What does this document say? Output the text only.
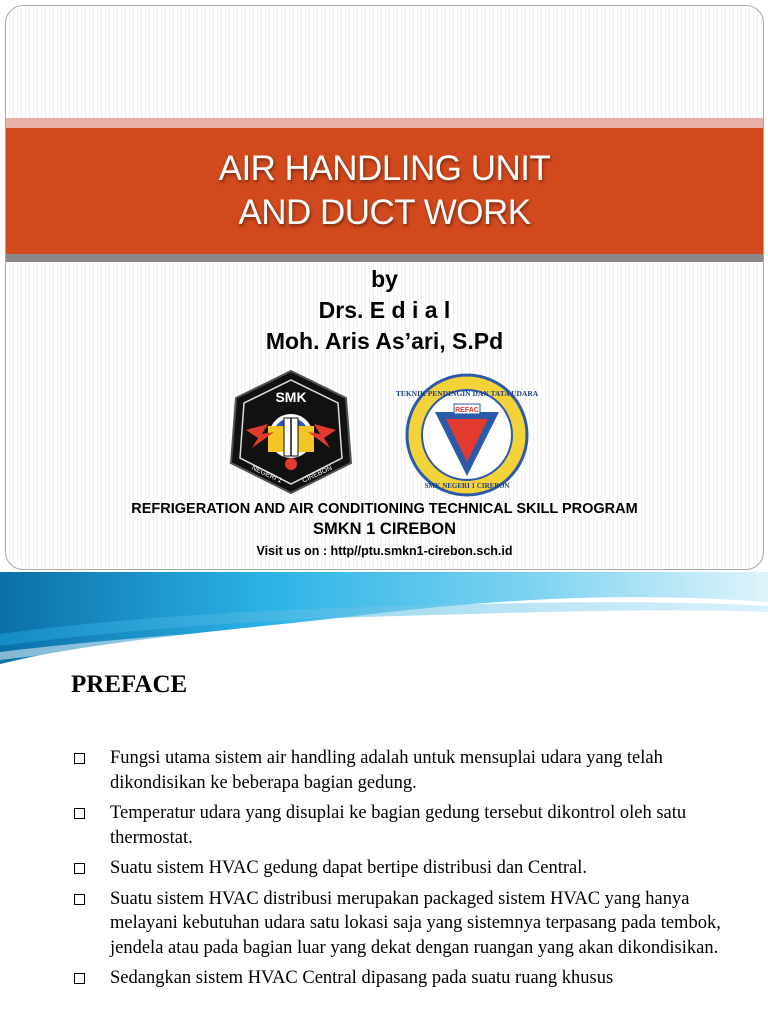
AIR HANDLING UNIT
AND DUCT WORK
by
Drs. E d i a l
Moh. Aris As’ari, S.Pd
SMK
NEGERI 1	CIREBON
TEKNIK PENDINGIN DAN TATA UDARA
REFAC
SMK NEGERI 1 CIREBON
REFRIGERATION AND AIR CONDITIONING TECHNICAL SKILL PROGRAM
SMKN 1 CIREBON
Visit us on : http//ptu.smkn1-cirebon.sch.id
PREFACE
Fungsi utama sistem air handling adalah untuk mensuplai udara yang telah dikondisikan ke beberapa bagian gedung.
Temperatur udara yang disuplai ke bagian gedung tersebut dikontrol oleh satu thermostat.
Suatu sistem HVAC gedung dapat bertipe distribusi dan Central.
Suatu sistem HVAC distribusi merupakan packaged sistem HVAC yang hanya melayani kebutuhan udara satu lokasi saja yang sistemnya terpasang pada tembok, jendela atau pada bagian luar yang dekat dengan ruangan yang akan dikondisikan.
Sedangkan sistem HVAC Central dipasang pada suatu ruang khusus
